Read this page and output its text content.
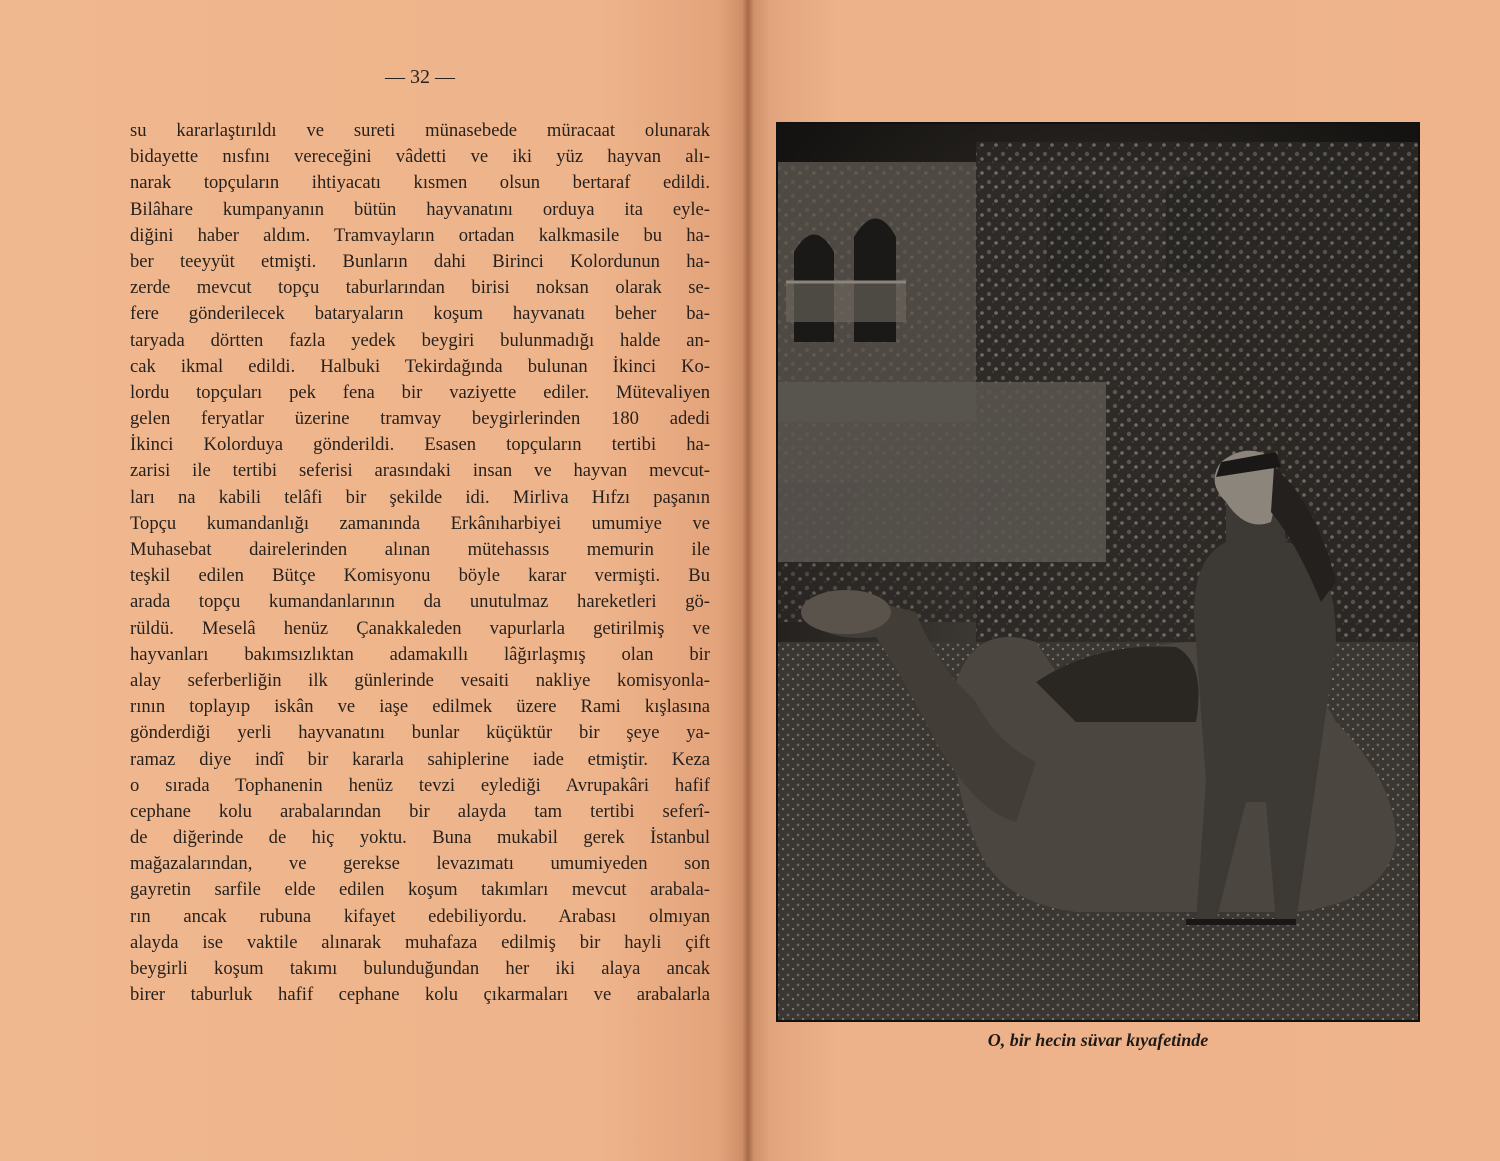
— 32 —
su kararlaştırıldı ve sureti münasebede müracaat olunarak
bidayette nısfını vereceğini vâdetti ve iki yüz hayvan alı-
narak topçuların ihtiyacatı kısmen olsun bertaraf edildi.
Bilâhare kumpanyanın bütün hayvanatını orduya ita eyle-
diğini haber aldım. Tramvayların ortadan kalkmasile bu ha-
ber teeyyüt etmişti. Bunların dahi Birinci Kolordunun ha-
zerde mevcut topçu taburlarından birisi noksan olarak se-
fere gönderilecek bataryaların koşum hayvanatı beher ba-
taryada dörtten fazla yedek beygiri bulunmadığı halde an-
cak ikmal edildi. Halbuki Tekirdağında bulunan İkinci Ko-
lordu topçuları pek fena bir vaziyette ediler. Mütevaliyen
gelen feryatlar üzerine tramvay beygirlerinden 180 adedi
İkinci Kolorduya gönderildi. Esasen topçuların tertibi ha-
zarisi ile tertibi seferisi arasındaki insan ve hayvan mevcut-
ları na kabili telâfi bir şekilde idi. Mirliva Hıfzı paşanın
Topçu kumandanlığı zamanında Erkânıharbiyei umumiye ve
Muhasebat dairelerinden alınan mütehassıs memurin ile
teşkil edilen Bütçe Komisyonu böyle karar vermişti. Bu
arada topçu kumandanlarının da unutulmaz hareketleri gö-
rüldü. Meselâ henüz Çanakkaleden vapurlarla getirilmiş ve
hayvanları bakımsızlıktan adamakıllı lâğırlaşmış olan bir
alay seferberliğin ilk günlerinde vesaiti nakliye komisyonla-
rının toplayıp iskân ve iaşe edilmek üzere Rami kışlasına
gönderdiği yerli hayvanatını bunlar küçüktür bir şeye ya-
ramaz diye indî bir kararla sahiplerine iade etmiştir. Keza
o sırada Tophanenin henüz tevzi eylediği Avrupakâri hafif
cephane kolu arabalarından bir alayda tam tertibi seferî-
de diğerinde de hiç yoktu. Buna mukabil gerek İstanbul
mağazalarından, ve gerekse levazımatı umumiyeden son
gayretin sarfile elde edilen koşum takımları mevcut arabala-
rın ancak rubuna kifayet edebiliyordu. Arabası olmıyan
alayda ise vaktile alınarak muhafaza edilmiş bir hayli çift
beygirli koşum takımı bulunduğundan her iki alaya ancak
birer taburluk hafif cephane kolu çıkarmaları ve arabalarla
O, bir hecin süvar kıyafetinde
